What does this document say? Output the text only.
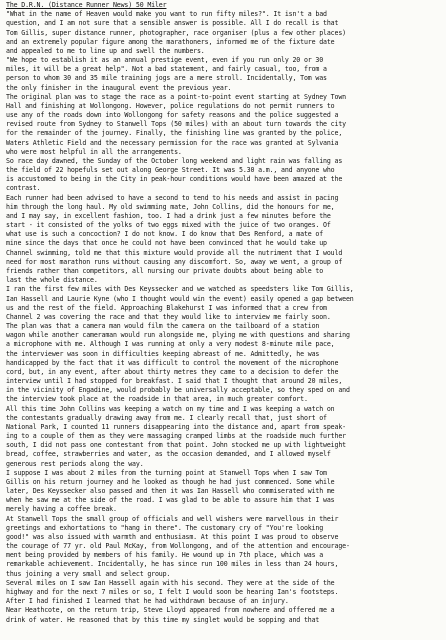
The D.R.N. (Distance Runner News) 50 Miler
"What in the name of Heaven would make you want to run fifty miles?". It isn't a bad
question, and I am not sure that a sensible answer is possible. All I do recall is that
Tom Gillis, super distance runner, photographer, race organiser (plus a few other places)
and an extremely popular figure among the marathoners, informed me of the fixture date
and appealed to me to line up and swell the numbers.
"We hope to establish it as an annual prestige event, even if you run only 20 or 30
miles, it will be a great help". Not a bad statement, and fairly casual, too, from a
person to whom 30 and 35 mile training jogs are a mere stroll. Incidentally, Tom was
the only finisher in the inaugural event the previous year.
The original plan was to stage the race as a point-to-point event starting at Sydney Town
Hall and finishing at Wollongong. However, police regulations do not permit runners to
use any of the roads down into Wollongong for safety reasons and the police suggested a
revised route from Sydney to Stanwell Tops (50 miles) with an about turn towards the city
for the remainder of the journey. Finally, the finishing line was granted by the police,
Waters Athletic Field and the necessary permission for the race was granted at Sylvania
who were most helpful in all the arrangements.
So race day dawned, the Sunday of the October long weekend and light rain was falling as
the field of 22 hopefuls set out along George Street. It was 5.30 a.m., and anyone who
is accustomed to being in the City in peak-hour conditions would have been amazed at the
contrast.
Each runner had been advised to have a second to tend to his needs and assist in pacing
him through the long haul. My old swimming mate, John Collins, did the honours for me,
and I may say, in excellent fashion, too. I had a drink just a few minutes before the
start - it consisted of the yolks of two eggs mixed with the juice of two oranges. Of
what use is such a concoction? I do not know. I do know that Des Renford, a mate of
mine since the days that once he could not have been convinced that he would take up
Channel swimming, told me that this mixture would provide all the nutriment that I would
need for most marathon runs without causing any discomfort. So, away we went, a group of
friends rather than competitors, all nursing our private doubts about being able to
last the whole distance.
I ran the first few miles with Des Keyssecker and we watched as speedsters like Tom Gillis,
Ian Hassell and Laurie Kyne (who I thought would win the event) easily opened a gap between
us and the rest of the field. Approaching Blakehurst I was informed that a crew from
Channel 2 was covering the race and that they would like to interview me fairly soon.
The plan was that a camera man would film the camera on the tailboard of a station
wagon while another cameraman would run alongside me, plying me with questions and sharing
a microphone with me. Although I was running at only a very modest 8-minute mile pace,
the interviewer was soon in difficulties keeping abreast of me. Admittedly, he was
handicapped by the fact that it was difficult to control the movement of the microphone
cord, but, in any event, after about thirty metres they came to a decision to defer the
interview until I had stopped for breakfast. I said that I thought that around 20 miles,
in the vicinity of Engadine, would probably be universally acceptable, so they sped on and
the interview took place at the roadside in that area, in much greater comfort.
All this time John Collins was keeping a watch on my time and I was keeping a watch on
the contestants gradually drawing away from me. I clearly recall that, just short of
National Park, I counted 11 runners disappearing into the distance and, apart from speak-
ing to a couple of them as they were massaging cramped limbs at the roadside much further
south, I did not pass one contestant from that point. John stocked me up with lightweight
bread, coffee, strawberries and water, as the occasion demanded, and I allowed myself
generous rest periods along the way.
I suppose I was about 2 miles from the turning point at Stanwell Tops when I saw Tom
Gillis on his return journey and he looked as though he had just commenced. Some while
later, Des Keyssecker also passed and then it was Ian Hassell who commiserated with me
when he saw me at the side of the road. I was glad to be able to assure him that I was
merely having a coffee break.
At Stanwell Tops the small group of officials and well wishers were marvellous in their
greetings and exhortations to "hang in there". The customary cry of "You're looking
good!" was also issued with warmth and enthusiasm. At this point I was proud to observe
the courage of 77 yr. old Paul McKay, from Wollongong, and of the attention and encourage-
ment being provided by members of his family. He wound up in 7th place, which was a
remarkable achievement. Incidentally, he has since run 100 miles in less than 24 hours,
thus joining a very small and select group.
Several miles on I saw Ian Hassell again with his second. They were at the side of the
highway and for the next 7 miles or so, I felt I would soon be hearing Ian's footsteps.
After I had finished I learned that he had withdrawn because of an injury.
Near Heathcote, on the return trip, Steve Lloyd appeared from nowhere and offered me a
drink of water. He reasoned that by this time my singlet would be sopping and that
